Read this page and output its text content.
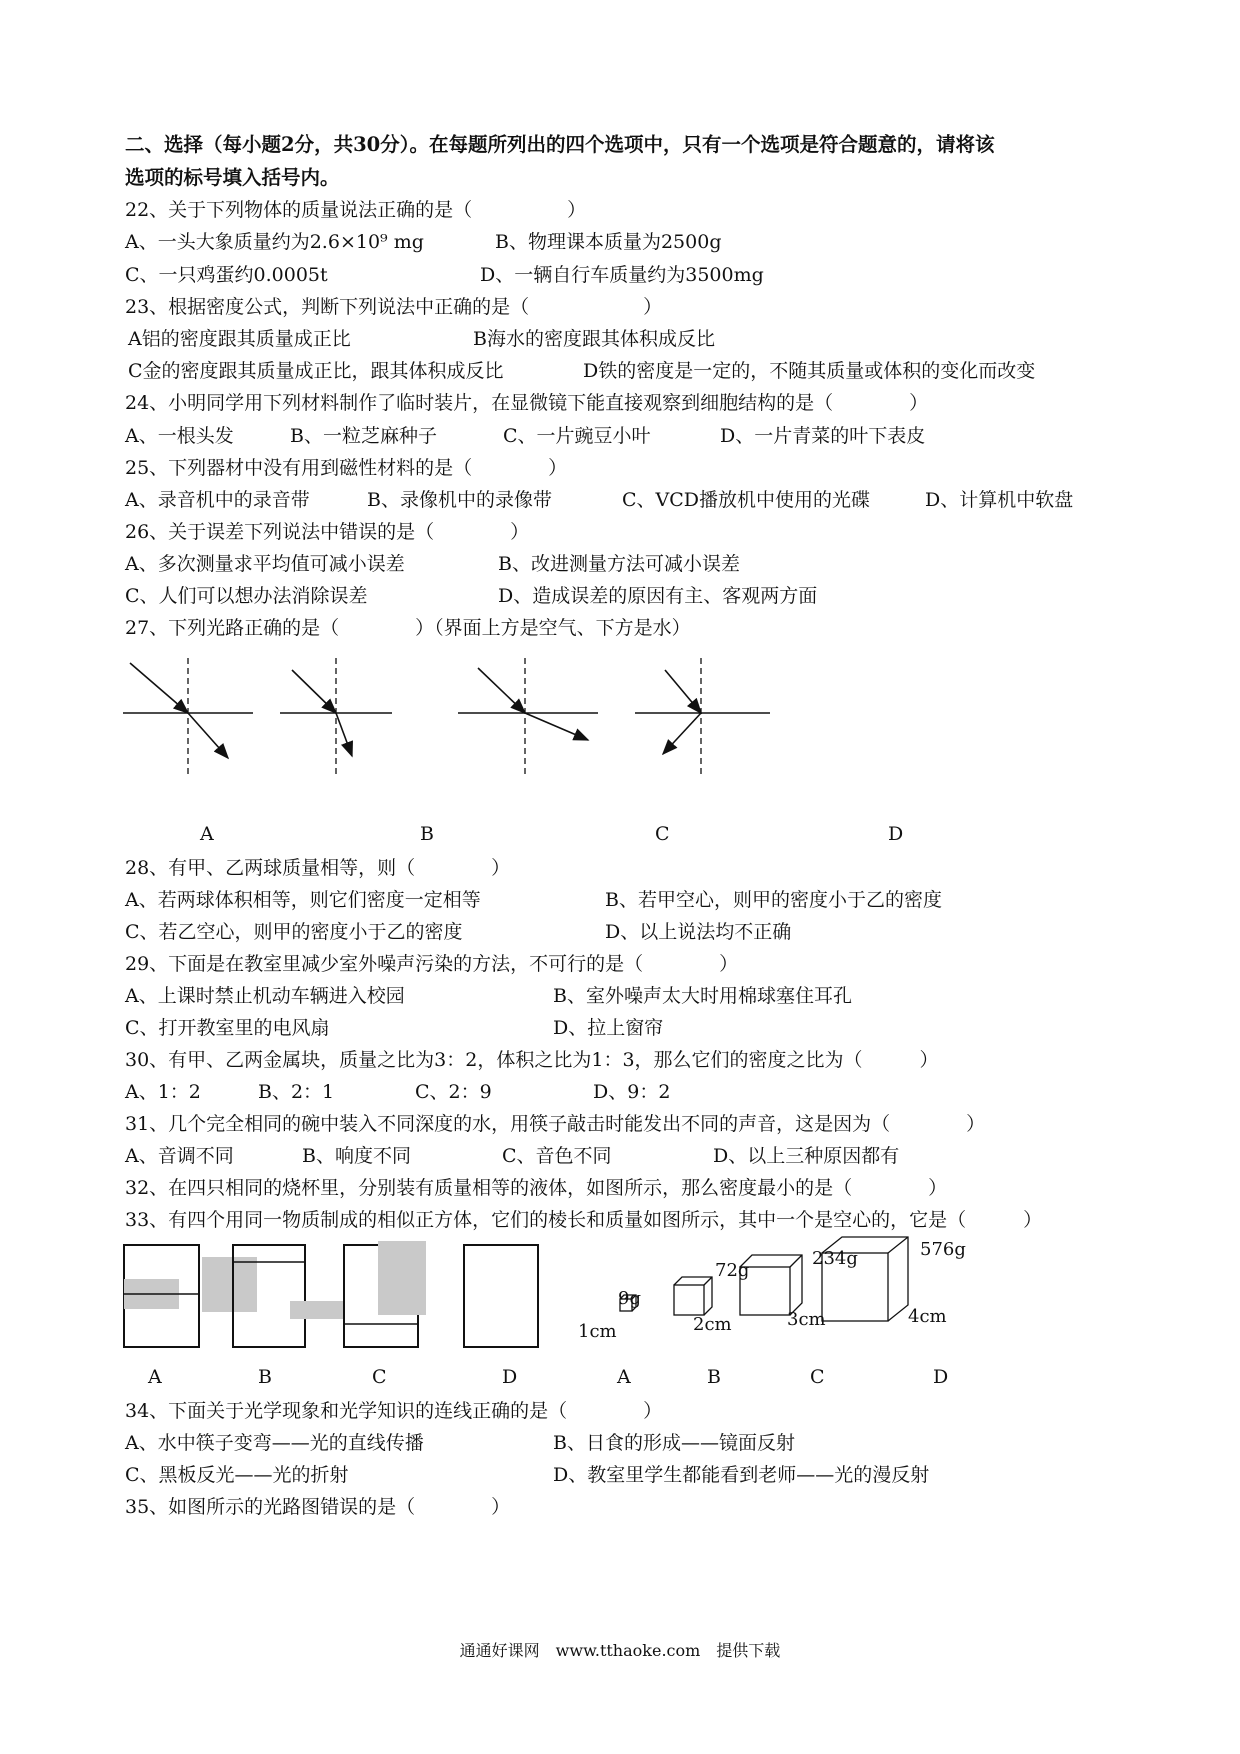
二、选择（每小题2分，共30分）。在每题所列出的四个选项中，只有一个选项是符合题意的，请将该
选项的标号填入括号内。
22、关于下列物体的质量说法正确的是（　　　　　）
A、一头大象质量约为2.6×10⁹ mg	B、物理课本质量为2500g
C、一只鸡蛋约0.0005t	D、一辆自行车质量约为3500mg
23、根据密度公式，判断下列说法中正确的是（　　　　　　）
A铝的密度跟其质量成正比	B海水的密度跟其体积成反比
C金的密度跟其质量成正比，跟其体积成反比	D铁的密度是一定的，不随其质量或体积的变化而改变
24、小明同学用下列材料制作了临时装片，在显微镜下能直接观察到细胞结构的是（　　　　）
A、一根头发	B、一粒芝麻种子	C、一片豌豆小叶	D、一片青菜的叶下表皮
25、下列器材中没有用到磁性材料的是（　　　　）
A、录音机中的录音带	B、录像机中的录像带	C、VCD播放机中使用的光碟	D、计算机中软盘
26、关于误差下列说法中错误的是（　　　　）
A、多次测量求平均值可减小误差	B、改进测量方法可减小误差
C、人们可以想办法消除误差	D、造成误差的原因有主、客观两方面
27、下列光路正确的是（　　　　）（界面上方是空气、下方是水）
A	B	C	D
28、有甲、乙两球质量相等，则（　　　　）
A、若两球体积相等，则它们密度一定相等	B、若甲空心，则甲的密度小于乙的密度
C、若乙空心，则甲的密度小于乙的密度	D、以上说法均不正确
29、下面是在教室里减少室外噪声污染的方法，不可行的是（　　　　）
A、上课时禁止机动车辆进入校园	B、室外噪声太大时用棉球塞住耳孔
C、打开教室里的电风扇	D、拉上窗帘
30、有甲、乙两金属块，质量之比为3：2，体积之比为1：3，那么它们的密度之比为（　　　）
A、1：2	B、2：1	C、2：9	D、9：2
31、几个完全相同的碗中装入不同深度的水，用筷子敲击时能发出不同的声音，这是因为（　　　　）
A、音调不同	B、响度不同	C、音色不同	D、以上三种原因都有
32、在四只相同的烧杯里，分别装有质量相等的液体，如图所示，那么密度最小的是（　　　　）
33、有四个用同一物质制成的相似正方体，它们的棱长和质量如图所示，其中一个是空心的，它是（　　　）
A	B	C	D
9g
72g
234g	576g
1cm	2cm	3cm	4cm
A	B	C	D
34、下面关于光学现象和光学知识的连线正确的是（　　　　）
A、水中筷子变弯——光的直线传播	B、日食的形成——镜面反射
C、黑板反光——光的折射	D、教室里学生都能看到老师——光的漫反射
35、如图所示的光路图错误的是（　　　　）
通通好课网　www.tthaoke.com　提供下载
